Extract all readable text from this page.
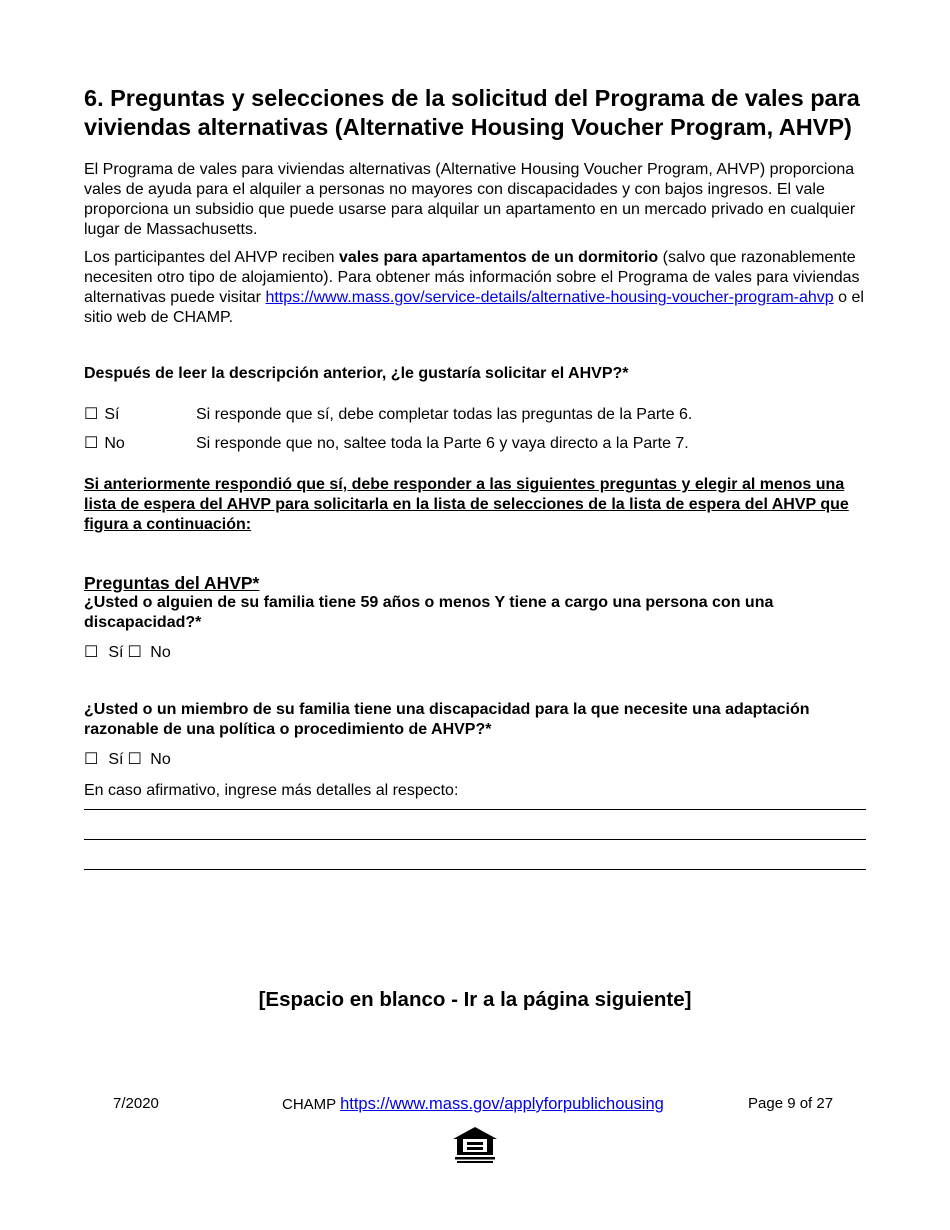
6. Preguntas y selecciones de la solicitud del Programa de vales para viviendas alternativas (Alternative Housing Voucher Program, AHVP)

El Programa de vales para viviendas alternativas (Alternative Housing Voucher Program, AHVP) proporciona vales de ayuda para el alquiler a personas no mayores con discapacidades y con bajos ingresos. El vale proporciona un subsidio que puede usarse para alquilar un apartamento en un mercado privado en cualquier lugar de Massachusetts.

Los participantes del AHVP reciben vales para apartamentos de un dormitorio (salvo que razonablemente necesiten otro tipo de alojamiento). Para obtener más información sobre el Programa de vales para viviendas alternativas puede visitar https://www.mass.gov/service-details/alternative-housing-voucher-program-ahvp o el sitio web de CHAMP.

Después de leer la descripción anterior, ¿le gustaría solicitar el AHVP?*

☐ Sí	Si responde que sí, debe completar todas las preguntas de la Parte 6.
☐ No	Si responde que no, saltee toda la Parte 6 y vaya directo a la Parte 7.

Si anteriormente respondió que sí, debe responder a las siguientes preguntas y elegir al menos una lista de espera del AHVP para solicitarla en la lista de selecciones de la lista de espera del AHVP que figura a continuación:

Preguntas del AHVP*

¿Usted o alguien de su familia tiene 59 años o menos Y tiene a cargo una persona con una discapacidad?*

☐ Sí ☐ No

¿Usted o un miembro de su familia tiene una discapacidad para la que necesite una adaptación razonable de una política o procedimiento de AHVP?*

☐ Sí ☐ No

En caso afirmativo, ingrese más detalles al respecto:

[Espacio en blanco - Ir a la página siguiente]
7/2020	CHAMP https://www.mass.gov/applyforpublichousing	Page 9 of 27
